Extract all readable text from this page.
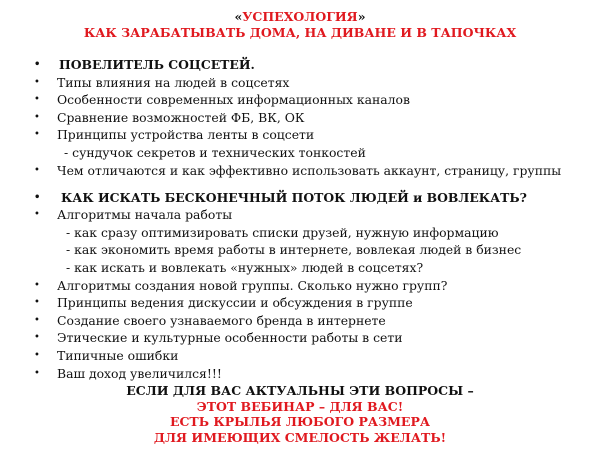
«УСПЕХОЛОГИЯ»
КАК ЗАРАБАТЫВАТЬ ДОМА, НА ДИВАНЕ И В ТАПОЧКАХ
• ПОВЕЛИТЕЛЬ СОЦСЕТЕЙ.
• Типы влияния на людей в соцсетях
• Особенности современных информационных каналов
• Сравнение возможностей ФБ, ВК, ОК
• Принципы устройства ленты в соцсети
- сундучок секретов и технических тонкостей
• Чем отличаются и как эффективно использовать аккаунт, страницу, группы
• КАК ИСКАТЬ БЕСКОНЕЧНЫЙ ПОТОК ЛЮДЕЙ и ВОВЛЕКАТЬ?
• Алгоритмы начала работы
- как сразу оптимизировать списки друзей, нужную информацию
- как экономить время работы в интернете, вовлекая людей в бизнес
- как искать и вовлекать «нужных» людей в соцсетях?
• Алгоритмы создания новой группы. Сколько нужно групп?
• Принципы ведения дискуссии и обсуждения в группе
• Создание своего узнаваемого бренда в интернете
• Этические и культурные особенности работы в сети
• Типичные ошибки
• Ваш доход увеличился!!!
ЕСЛИ ДЛЯ ВАС АКТУАЛЬНЫ ЭТИ ВОПРОСЫ –
ЭТОТ ВЕБИНАР – ДЛЯ ВАС!
ЕСТЬ КРЫЛЬЯ ЛЮБОГО РАЗМЕРА
ДЛЯ ИМЕЮЩИХ СМЕЛОСТЬ ЖЕЛАТЬ!
